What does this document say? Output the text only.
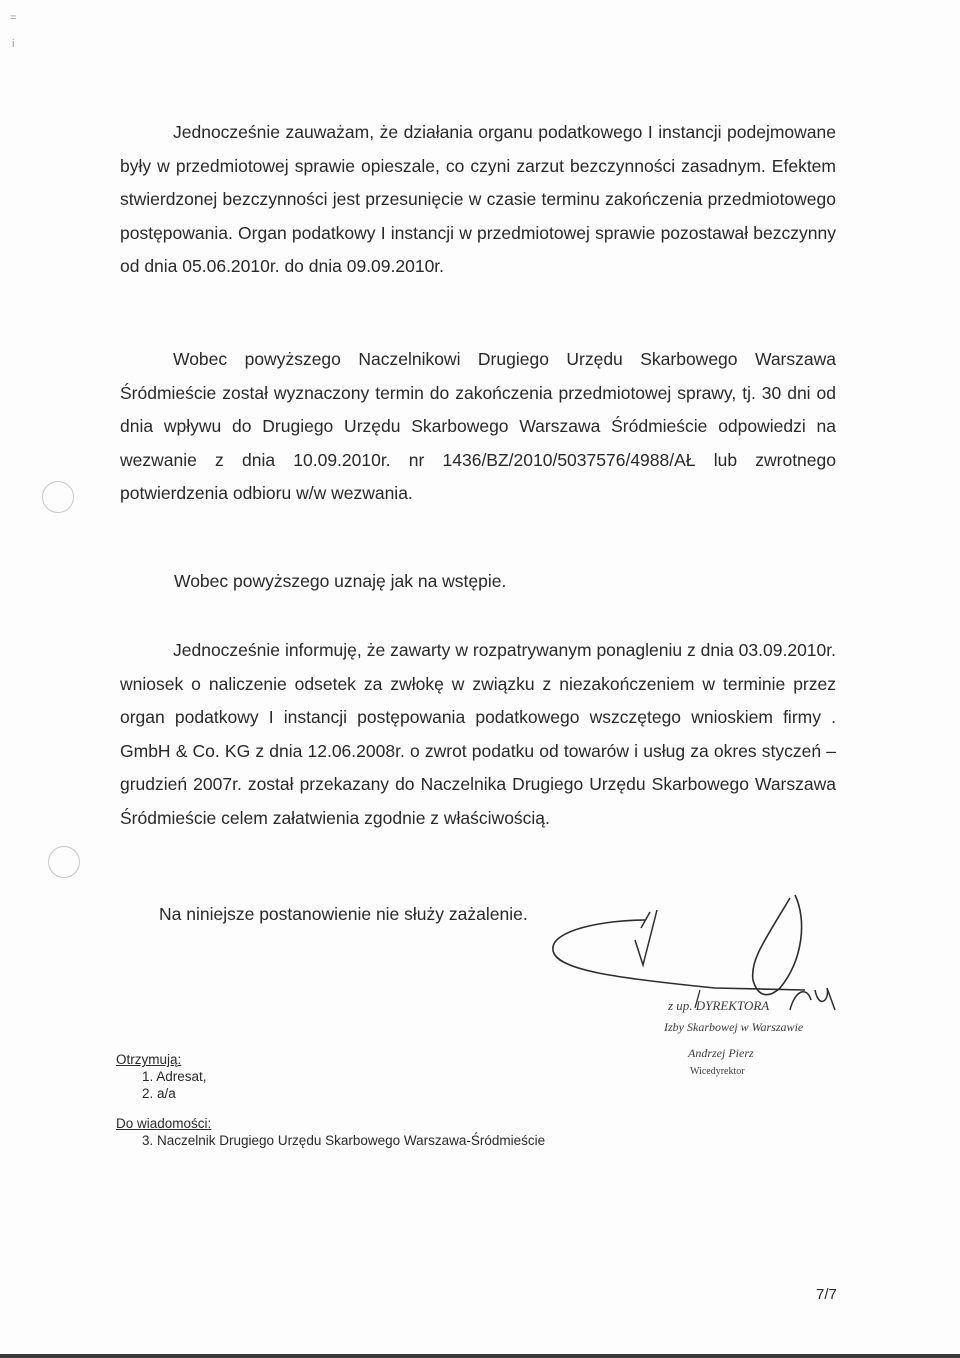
=
i

Jednocześnie zauważam, że działania organu podatkowego I instancji podejmowane były w przedmiotowej sprawie opieszale, co czyni zarzut bezczynności zasadnym. Efektem stwierdzonej bezczynności jest przesunięcie w czasie terminu zakończenia przedmiotowego postępowania. Organ podatkowy I instancji w przedmiotowej sprawie pozostawał bezczynny od dnia 05.06.2010r. do dnia 09.09.2010r.

Wobec powyższego Naczelnikowi Drugiego Urzędu Skarbowego Warszawa Śródmieście został wyznaczony termin do zakończenia przedmiotowej sprawy, tj. 30 dni od dnia wpływu do Drugiego Urzędu Skarbowego Warszawa Śródmieście odpowiedzi na wezwanie z dnia 10.09.2010r. nr 1436/BZ/2010/5037576/4988/AŁ lub zwrotnego potwierdzenia odbioru w/w wezwania.

Wobec powyższego uznaję jak na wstępie.

Jednocześnie informuję, że zawarty w rozpatrywanym ponagleniu z dnia 03.09.2010r. wniosek o naliczenie odsetek za zwłokę w związku z niezakończeniem w terminie przez organ podatkowy I instancji postępowania podatkowego wszczętego wnioskiem firmy . GmbH & Co. KG z dnia 12.06.2008r. o zwrot podatku od towarów i usług za okres styczeń – grudzień 2007r. został przekazany do Naczelnika Drugiego Urzędu Skarbowego Warszawa Śródmieście celem załatwienia zgodnie z właściwością.

Na niniejsze postanowienie nie służy zażalenie.

z up. DYREKTORA
Izby Skarbowej w Warszawie
Andrzej Pierz
Wicedyrektor
Otrzymują:
1. Adresat,
2. a/a
Do wiadomości:
3. Naczelnik Drugiego Urzędu Skarbowego Warszawa-Śródmieście
7/7
